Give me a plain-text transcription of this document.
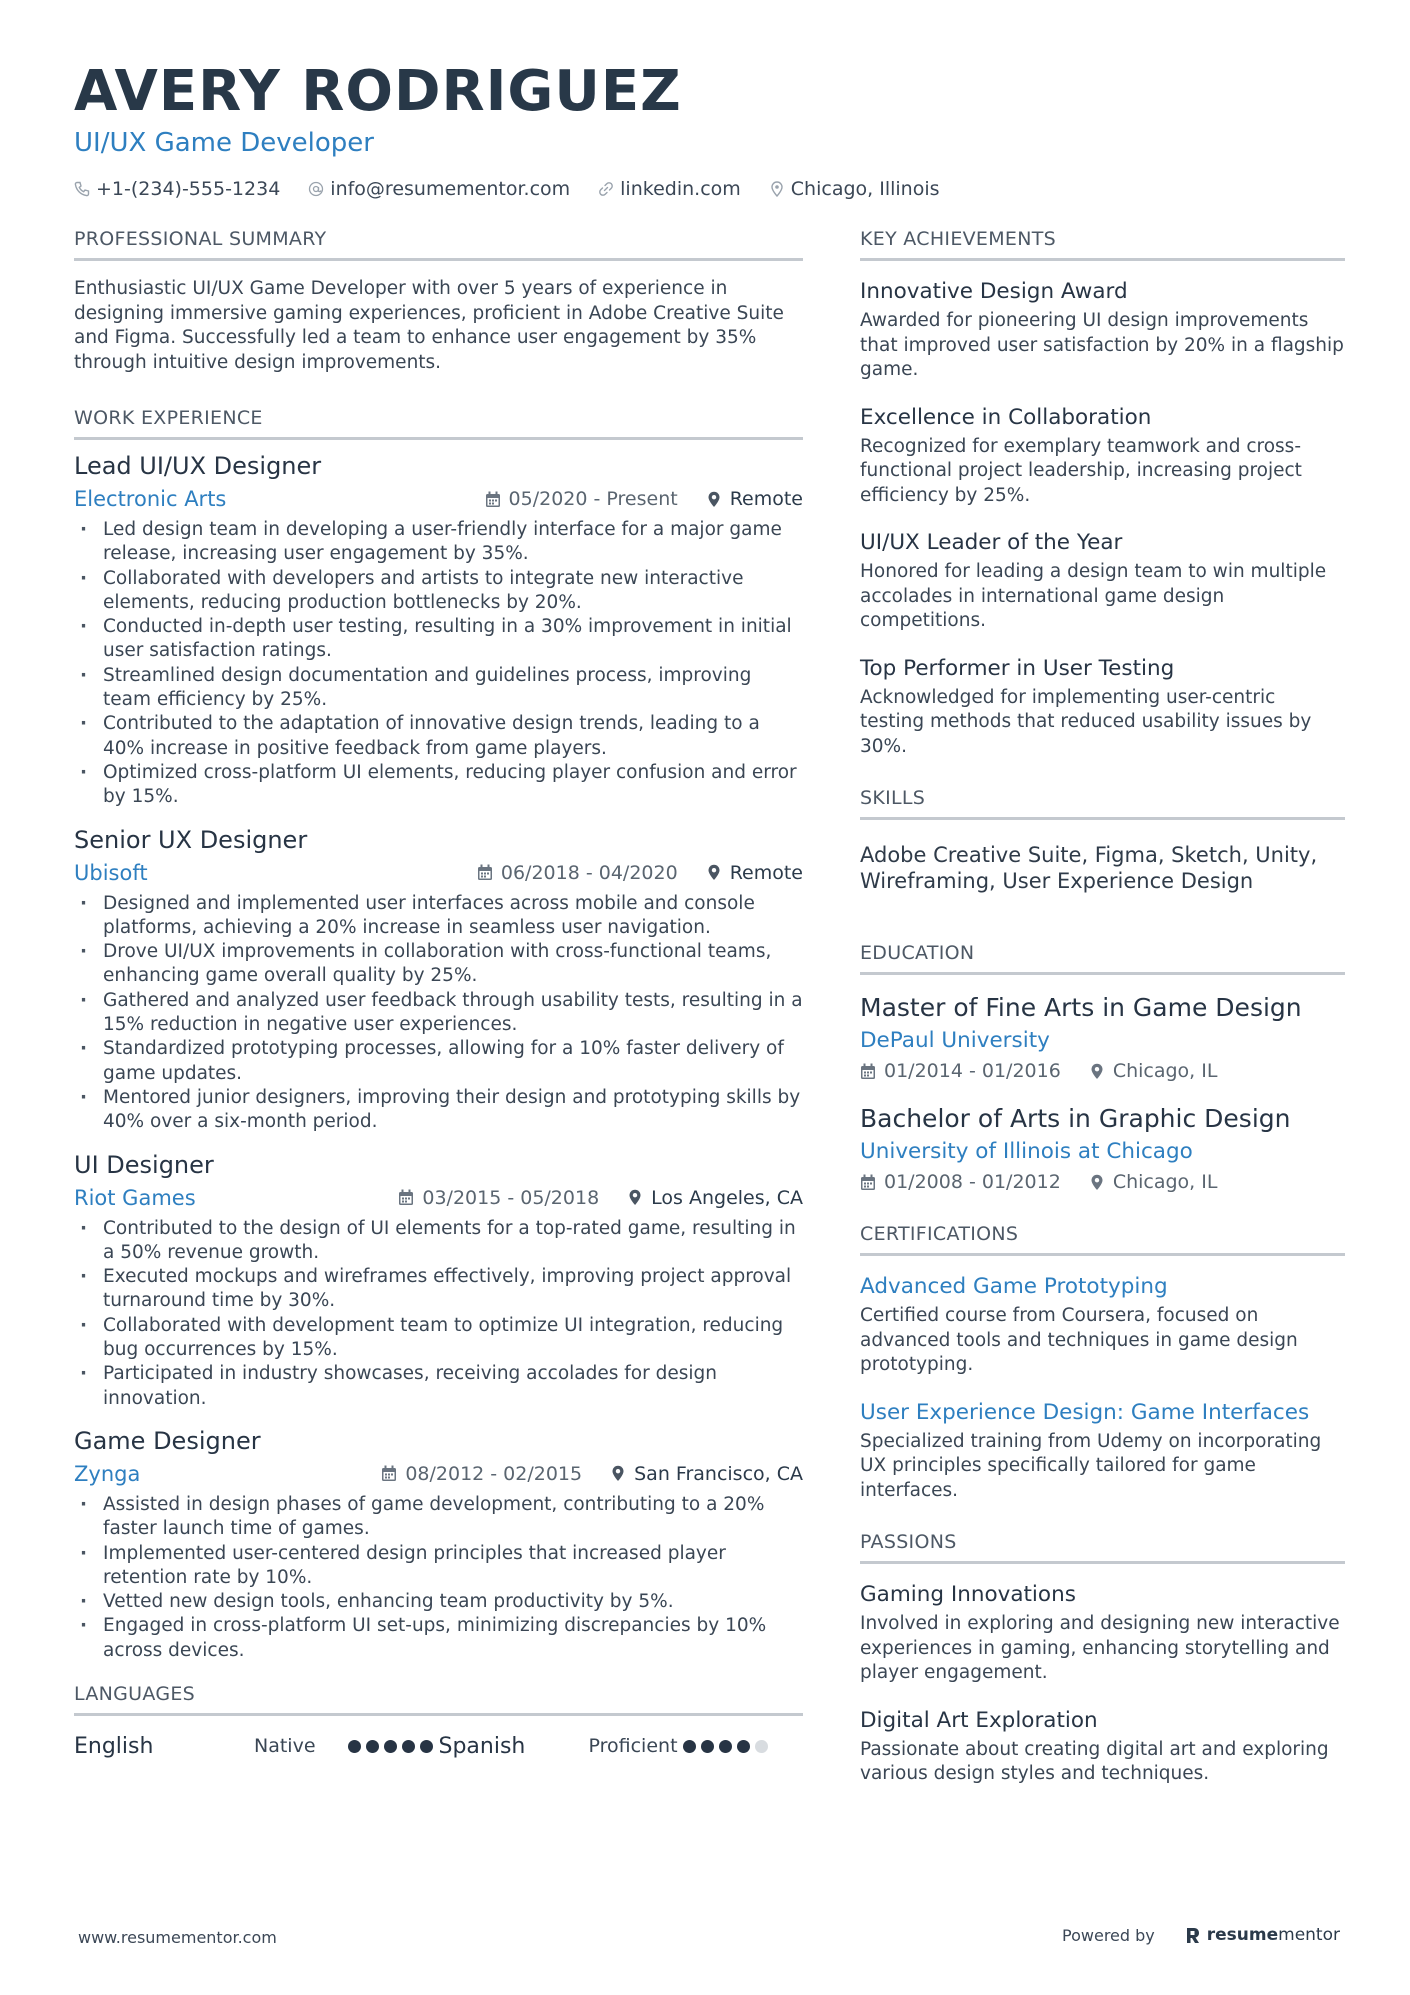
AVERY RODRIGUEZ
UI/UX Game Developer
+1-(234)-555-1234	info@resumementor.com	linkedin.com	Chicago, Illinois
PROFESSIONAL SUMMARY

Enthusiastic UI/UX Game Developer with over 5 years of experience in designing immersive gaming experiences, proficient in Adobe Creative Suite and Figma. Successfully led a team to enhance user engagement by 35% through intuitive design improvements.

WORK EXPERIENCE
Lead UI/UX Designer
Electronic Arts	05/2020 - Present	Remote
· Led design team in developing a user-friendly interface for a major game release, increasing user engagement by 35%.
· Collaborated with developers and artists to integrate new interactive elements, reducing production bottlenecks by 20%.
· Conducted in-depth user testing, resulting in a 30% improvement in initial user satisfaction ratings.
· Streamlined design documentation and guidelines process, improving team efficiency by 25%.
· Contributed to the adaptation of innovative design trends, leading to a 40% increase in positive feedback from game players.
· Optimized cross-platform UI elements, reducing player confusion and error by 15%.
Senior UX Designer
Ubisoft	06/2018 - 04/2020	Remote
· Designed and implemented user interfaces across mobile and console platforms, achieving a 20% increase in seamless user navigation.
· Drove UI/UX improvements in collaboration with cross-functional teams, enhancing game overall quality by 25%.
· Gathered and analyzed user feedback through usability tests, resulting in a 15% reduction in negative user experiences.
· Standardized prototyping processes, allowing for a 10% faster delivery of game updates.
· Mentored junior designers, improving their design and prototyping skills by 40% over a six-month period.
UI Designer
Riot Games	03/2015 - 05/2018	Los Angeles, CA
· Contributed to the design of UI elements for a top-rated game, resulting in a 50% revenue growth.
· Executed mockups and wireframes effectively, improving project approval turnaround time by 30%.
· Collaborated with development team to optimize UI integration, reducing bug occurrences by 15%.
· Participated in industry showcases, receiving accolades for design innovation.
Game Designer
Zynga	08/2012 - 02/2015	San Francisco, CA
· Assisted in design phases of game development, contributing to a 20% faster launch time of games.
· Implemented user-centered design principles that increased player retention rate by 10%.
· Vetted new design tools, enhancing team productivity by 5%.
· Engaged in cross-platform UI set-ups, minimizing discrepancies by 10% across devices.
LANGUAGES
English	Native	Spanish	Proficient
KEY ACHIEVEMENTS
Innovative Design Award

Awarded for pioneering UI design improvements that improved user satisfaction by 20% in a flagship game.

Excellence in Collaboration

Recognized for exemplary teamwork and cross-functional project leadership, increasing project efficiency by 25%.

UI/UX Leader of the Year

Honored for leading a design team to win multiple accolades in international game design competitions.

Top Performer in User Testing

Acknowledged for implementing user-centric testing methods that reduced usability issues by 30%.

SKILLS

Adobe Creative Suite, Figma, Sketch, Unity, Wireframing, User Experience Design

EDUCATION
Master of Fine Arts in Game Design
DePaul University
01/2014 - 01/2016	Chicago, IL
Bachelor of Arts in Graphic Design
University of Illinois at Chicago
01/2008 - 01/2012	Chicago, IL
CERTIFICATIONS
Advanced Game Prototyping

Certified course from Coursera, focused on advanced tools and techniques in game design prototyping.

User Experience Design: Game Interfaces

Specialized training from Udemy on incorporating UX principles specifically tailored for game interfaces.

PASSIONS
Gaming Innovations

Involved in exploring and designing new interactive experiences in gaming, enhancing storytelling and player engagement.

Digital Art Exploration

Passionate about creating digital art and exploring various design styles and techniques.

www.resumementor.com	Powered by	resumementor
